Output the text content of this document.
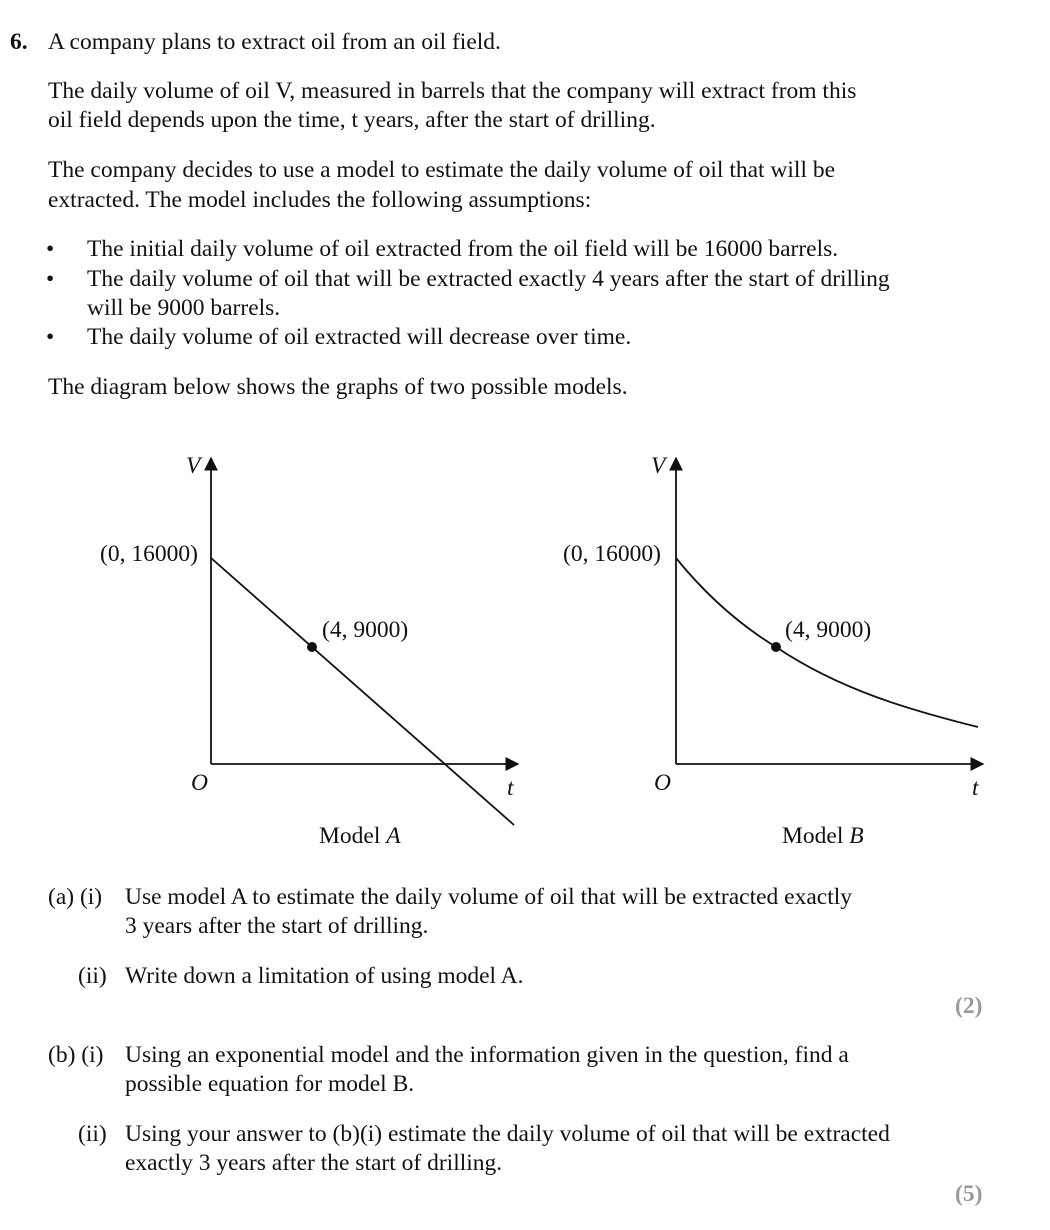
6. A company plans to extract oil from an oil field.
The daily volume of oil V, measured in barrels that the company will extract from this
oil field depends upon the time, t years, after the start of drilling.
The company decides to use a model to estimate the daily volume of oil that will be
extracted. The model includes the following assumptions:
• The initial daily volume of oil extracted from the oil field will be 16000 barrels.
• The daily volume of oil that will be extracted exactly 4 years after the start of drilling
will be 9000 barrels.
• The daily volume of oil extracted will decrease over time.
The diagram below shows the graphs of two possible models.
V
t
O
(0, 16000)
(4, 9000)
Model A
V
t
O
(0, 16000)
(4, 9000)
Model B
(a) (i) Use model A to estimate the daily volume of oil that will be extracted exactly
3 years after the start of drilling.
(ii) Write down a limitation of using model A.
(2)
(b) (i) Using an exponential model and the information given in the question, find a
possible equation for model B.
(ii) Using your answer to (b)(i) estimate the daily volume of oil that will be extracted
exactly 3 years after the start of drilling.
(5)
